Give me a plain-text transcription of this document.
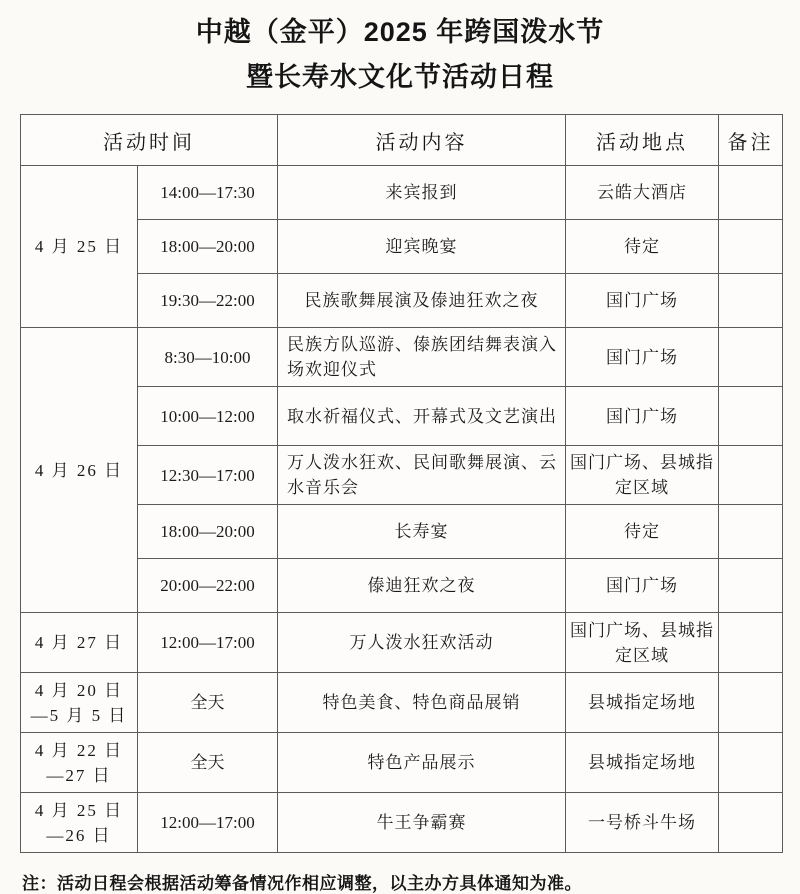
中越（金平）2025 年跨国泼水节
暨长寿水文化节活动日程
活动时间		活动内容	活动地点	备注

4 月 25 日	14:00—17:30	来宾报到	云皓大酒店	

	18:00—20:00	迎宾晚宴	待定	

	19:30—22:00	民族歌舞展演及傣迪狂欢之夜	国门广场	

4 月 26 日	8:30—10:00	民族方队巡游、傣族团结舞表演入场欢迎仪式	国门广场	

	10:00—12:00	取水祈福仪式、开幕式及文艺演出	国门广场	

	12:30—17:00	万人泼水狂欢、民间歌舞展演、云水音乐会	国门广场、县城指定区域	

	18:00—20:00	长寿宴	待定	

	20:00—22:00	傣迪狂欢之夜	国门广场	

4 月 27 日	12:00—17:00	万人泼水狂欢活动	国门广场、县城指定区域	

4 月 20 日
—5 月 5 日	全天	特色美食、特色商品展销	县城指定场地	

4 月 22 日
—27 日	全天	特色产品展示	县城指定场地	

4 月 25 日
—26 日	12:00—17:00	牛王争霸赛	一号桥斗牛场	

注：活动日程会根据活动筹备情况作相应调整，以主办方具体通知为准。
